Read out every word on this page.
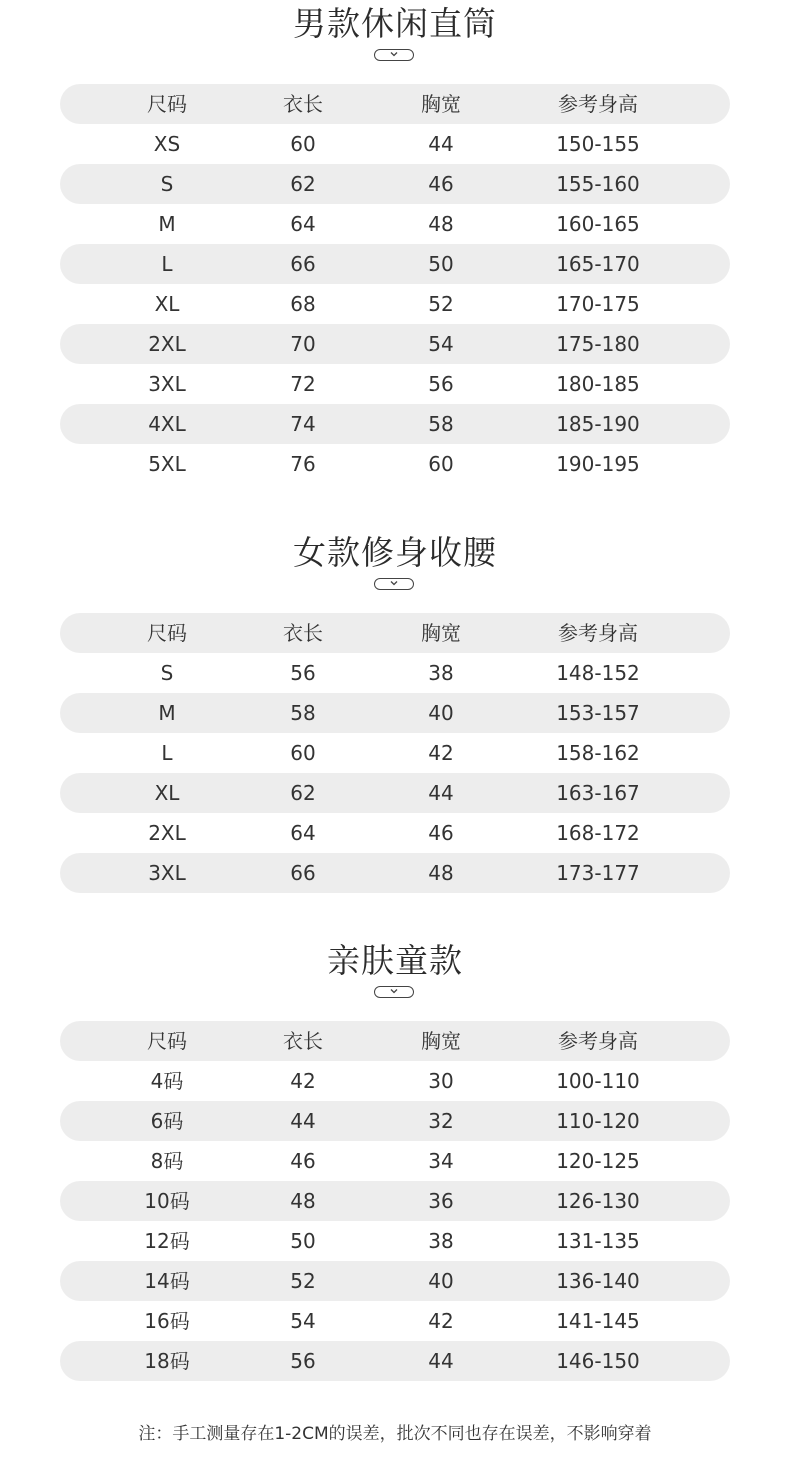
男款休闲直筒
尺码	衣长	胸宽	参考身高
XS	60	44	150-155
S	62	46	155-160
M	64	48	160-165
L	66	50	165-170
XL	68	52	170-175
2XL	70	54	175-180
3XL	72	56	180-185
4XL	74	58	185-190
5XL	76	60	190-195
女款修身收腰
尺码	衣长	胸宽	参考身高
S	56	38	148-152
M	58	40	153-157
L	60	42	158-162
XL	62	44	163-167
2XL	64	46	168-172
3XL	66	48	173-177
亲肤童款
尺码	衣长	胸宽	参考身高
4码	42	30	100-110
6码	44	32	110-120
8码	46	34	120-125
10码	48	36	126-130
12码	50	38	131-135
14码	52	40	136-140
16码	54	42	141-145
18码	56	44	146-150
注：手工测量存在1-2CM的误差，批次不同也存在误差，不影响穿着
